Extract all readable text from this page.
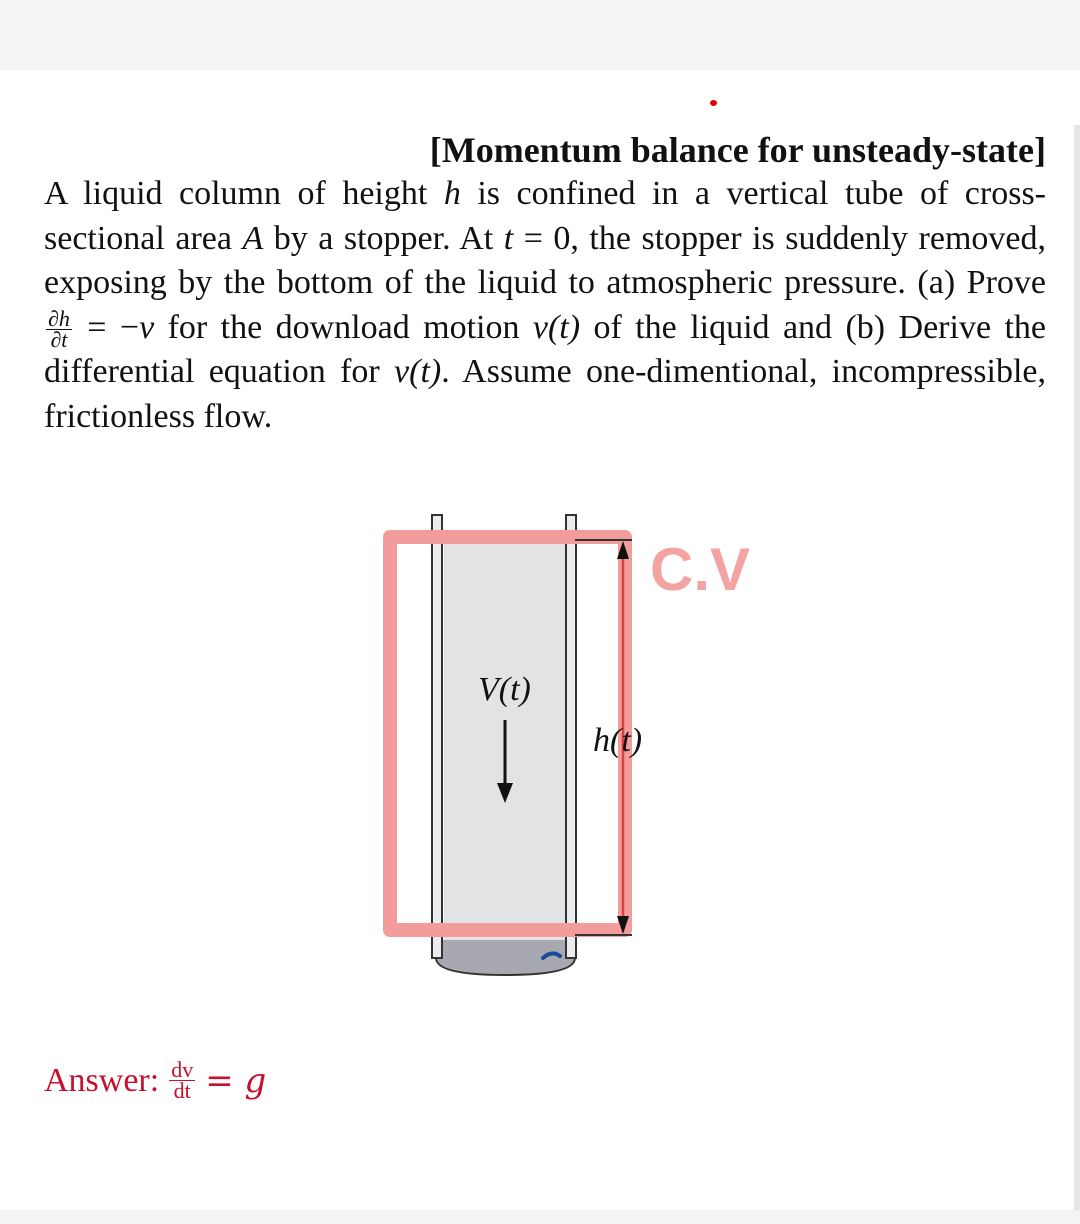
[Momentum balance for unsteady-state]
A liquid column of height h is confined in a vertical tube of cross-sectional area A by a stopper. At t = 0, the stopper is suddenly removed, exposing by the bottom of the liquid to atmospheric pressure. (a) Prove
$\frac{\partial h}{\partial t} = -v$ for the download motion v(t) of the liquid and (b) Derive the differential equation for v(t). Assume one-dimentional, incompressible, frictionless flow.
V(t)
h(t)
C.V
Answer: $\frac{dv}{dt} = g$
